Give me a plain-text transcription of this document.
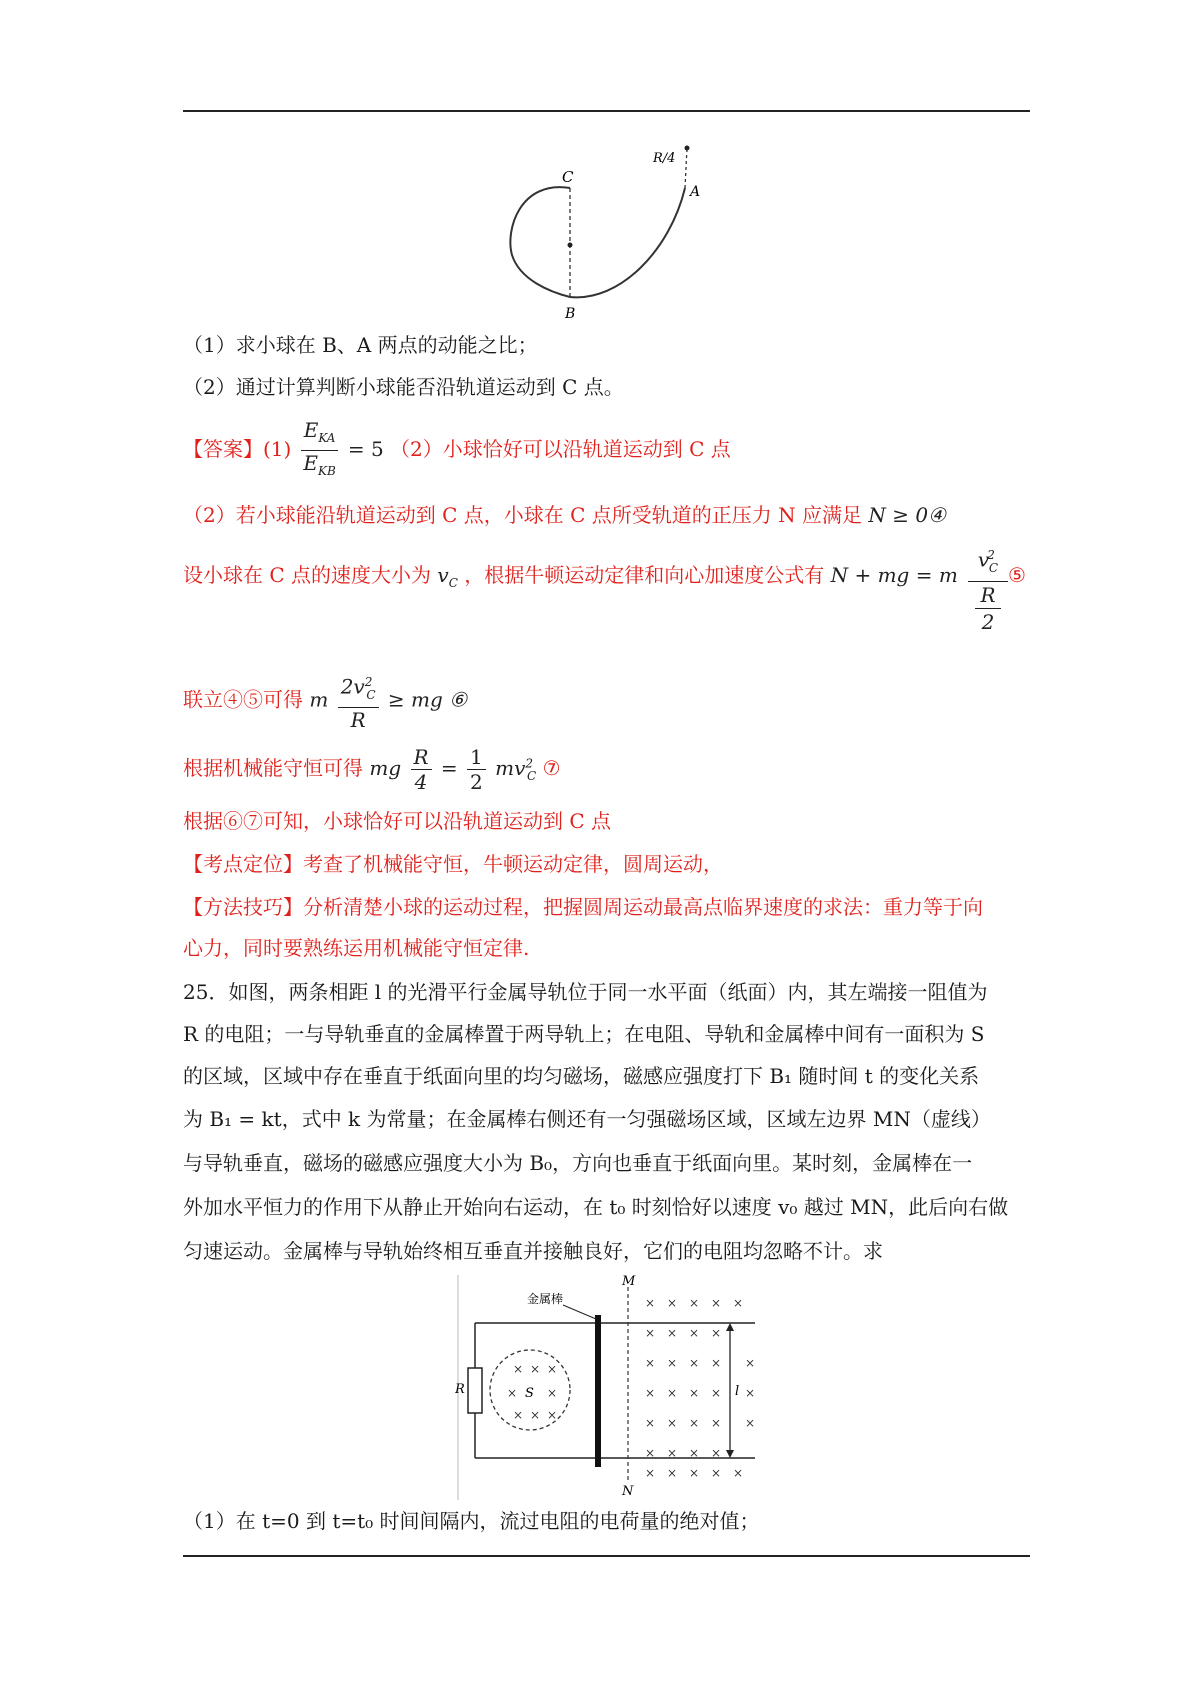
C
R/4
A
B
（1）求小球在 B、A 两点的动能之比；
（2）通过计算判断小球能否沿轨道运动到 C 点。
【答案】$(1) \frac{E_{KA}}{E_{KB}} = 5$ （2）小球恰好可以沿轨道运动到 C 点
（2）若小球能沿轨道运动到 C 点，小球在 C 点所受轨道的正压力 N 应满足 N ≥ 0④
设小球在 C 点的速度大小为 $v_C$ ，根据牛顿运动定律和向心加速度公式有 N + mg = m
$v^2_C$
R
2
⑤
联立④⑤可得 m $\frac{2v^2_C}{R}$ ≥ mg ⑥
根据机械能守恒可得 mg $\frac{R}{4} = \frac{1}{2} mv^2_C$ ⑦
根据⑥⑦可知，小球恰好可以沿轨道运动到 C 点
【考点定位】考查了机械能守恒，牛顿运动定律，圆周运动，
【方法技巧】分析清楚小球的运动过程，把握圆周运动最高点临界速度的求法：重力等于向
心力，同时要熟练运用机械能守恒定律.
25．如图，两条相距 l 的光滑平行金属导轨位于同一水平面（纸面）内，其左端接一阻值为
R 的电阻；一与导轨垂直的金属棒置于两导轨上；在电阻、导轨和金属棒中间有一面积为 S
的区域，区域中存在垂直于纸面向里的均匀磁场，磁感应强度打下 B₁ 随时间 t 的变化关系
为 B₁ = kt，式中 k 为常量；在金属棒右侧还有一匀强磁场区域，区域左边界 MN（虚线）
与导轨垂直，磁场的磁感应强度大小为 B₀，方向也垂直于纸面向里。某时刻，金属棒在一
外加水平恒力的作用下从静止开始向右运动，在 t₀ 时刻恰好以速度 v₀ 越过 MN，此后向右做
匀速运动。金属棒与导轨始终相互垂直并接触良好，它们的电阻均忽略不计。求
R	S
× × ×
× ×
× × ×
金属棒
M
N
× × × × ×
× × × ×
× × × × ×
× × × × ×
× × × × ×
× × × ×
× × × × ×
l
（1）在 t=0 到 t=t₀ 时间间隔内，流过电阻的电荷量的绝对值；
